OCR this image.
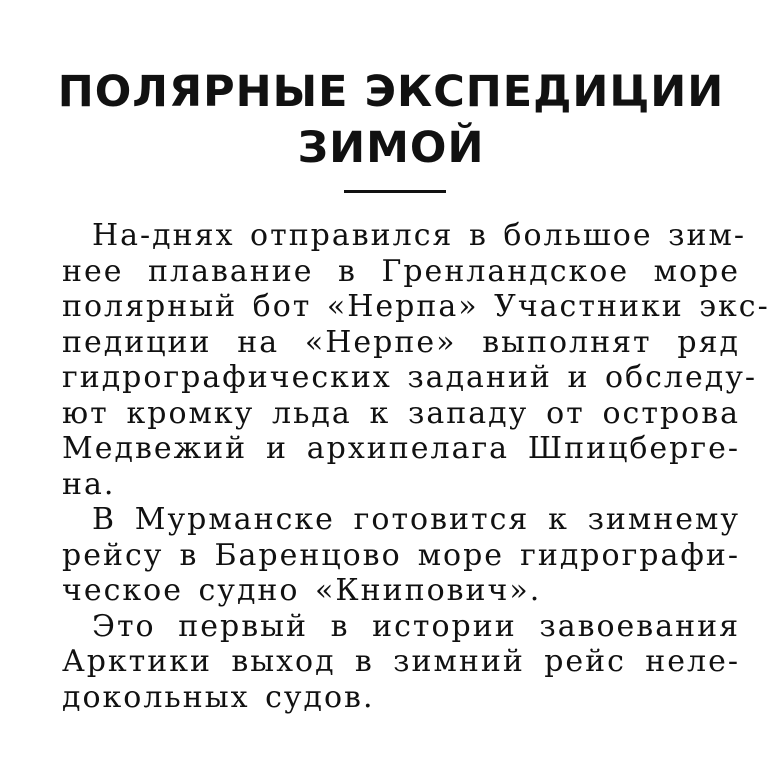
ПОЛЯРНЫЕ ЭКСПЕДИЦИИ
ЗИМОЙ
На-днях отправился в большое зим-
нее плавание в Гренландское море
полярный бот «Нерпа» Участники экс-
педиции на «Нерпе» выполнят ряд
гидрографических заданий и обследу-
ют кромку льда к западу от острова
Медвежий и архипелага Шпицберге-
на.
В Мурманске готовится к зимнему
рейсу в Баренцово море гидрографи-
ческое судно «Книпович».
Это первый в истории завоевания
Арктики выход в зимний рейс неле-
докольных судов.
